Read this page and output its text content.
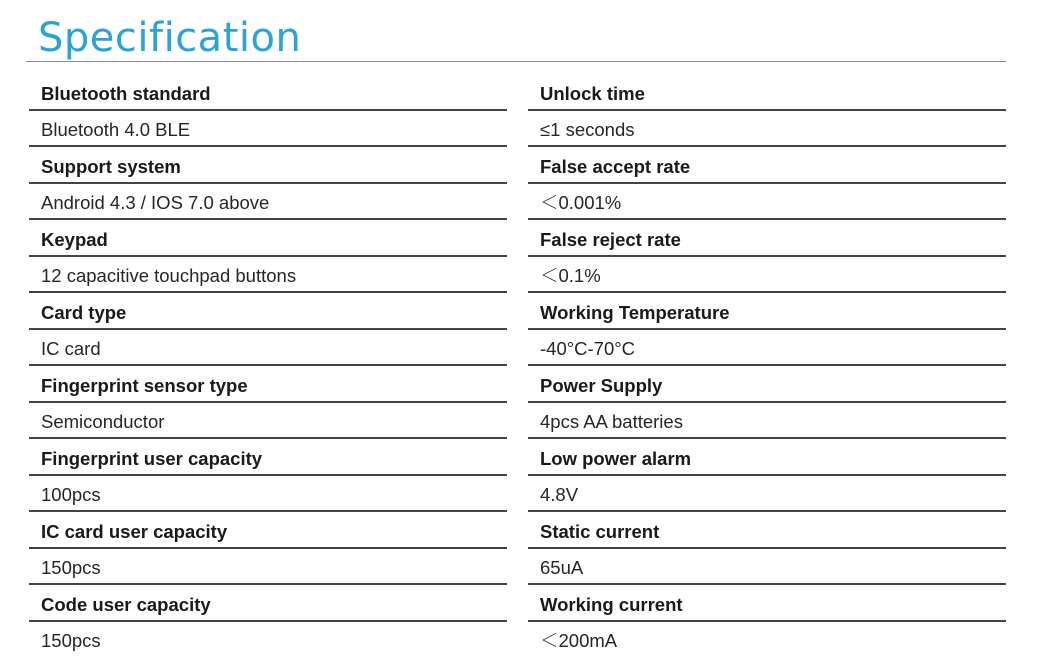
Specification
Bluetooth standard
Bluetooth 4.0 BLE
Support system
Android 4.3 / IOS 7.0 above
Keypad
12 capacitive touchpad buttons
Card type
IC card
Fingerprint sensor type
Semiconductor
Fingerprint user capacity
100pcs
IC card user capacity
150pcs
Code user capacity
150pcs
Unlock time
≤1 seconds
False accept rate
＜0.001%
False reject rate
＜0.1%
Working Temperature
-40°C-70°C
Power Supply
4pcs AA batteries
Low power alarm
4.8V
Static current
65uA
Working current
＜200mA
